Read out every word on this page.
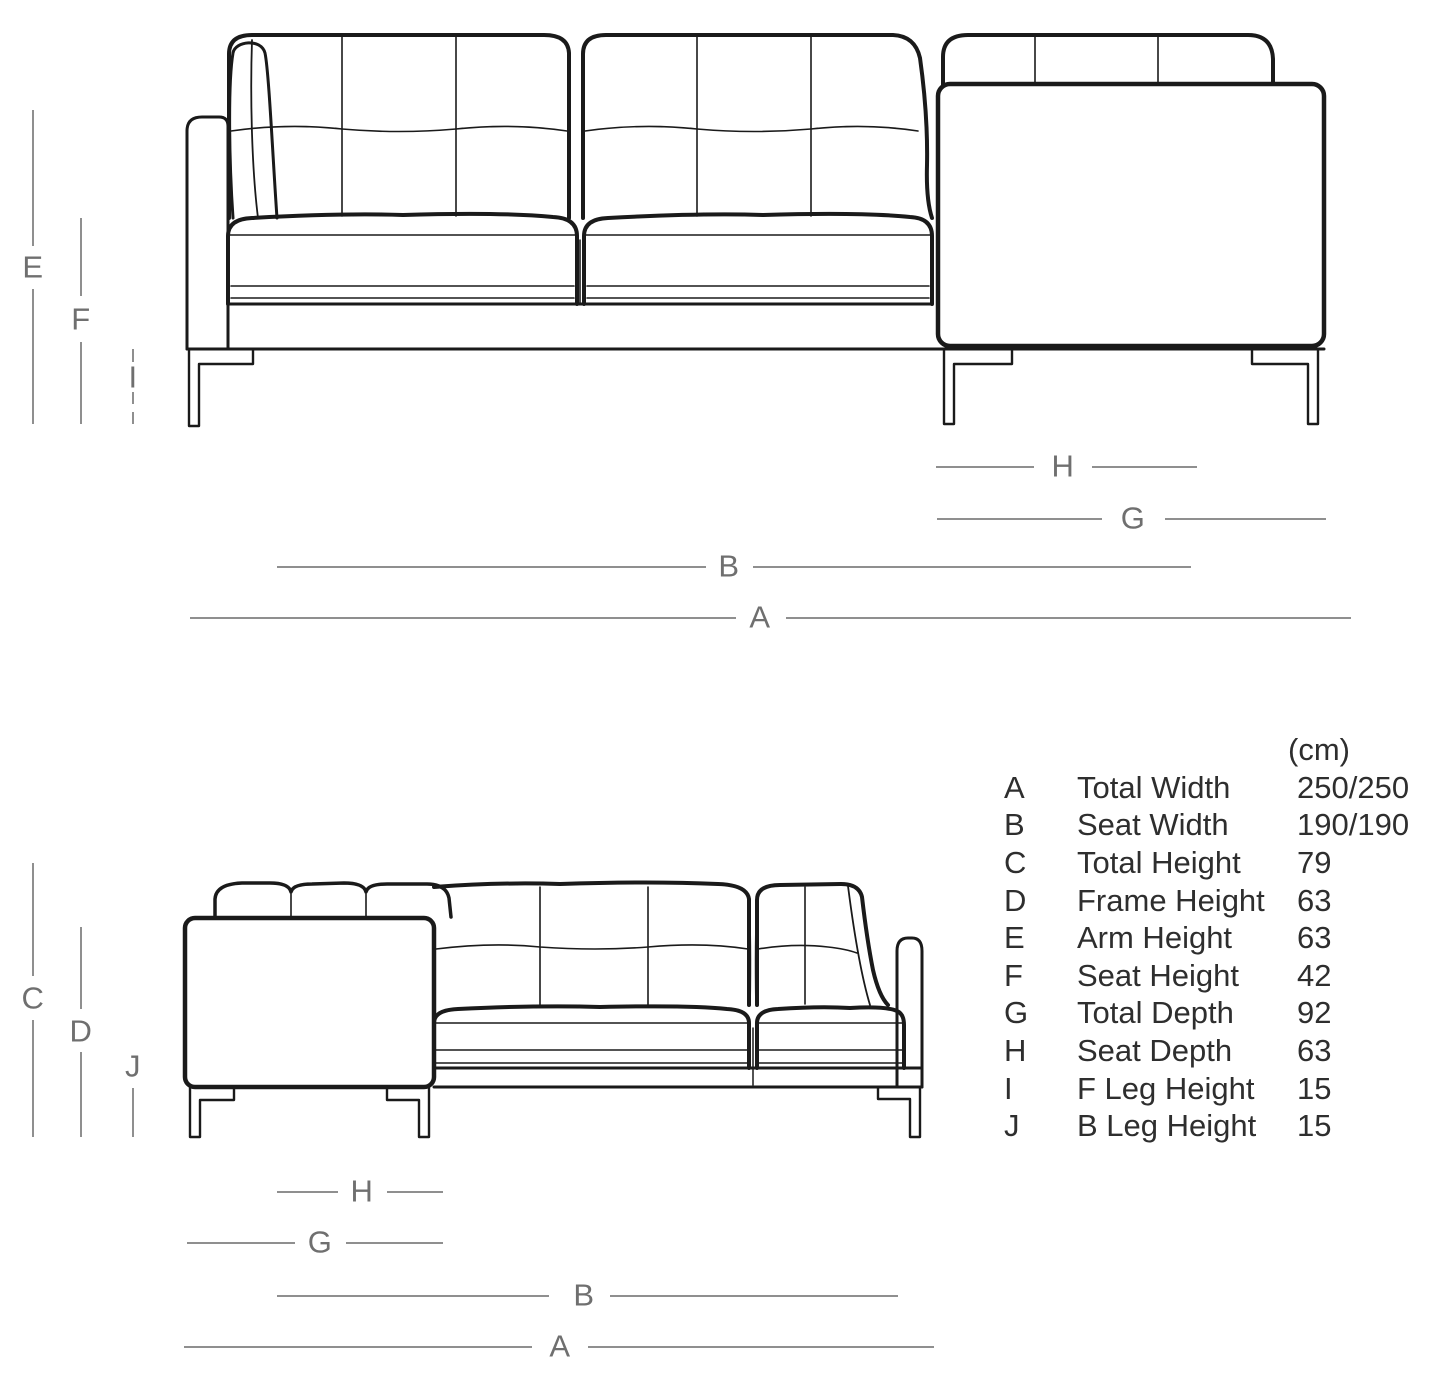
E
F
I
H
G
B
A
C
D
J
H
G
B
A
(cm)
A	Total Width	250/250
B	Seat Width	190/190
C	Total Height	79
D	Frame Height	63
E	Arm Height	63
F	Seat Height	42
G	Total Depth	92
H	Seat Depth	63
I	F Leg Height	15
J	B Leg Height	15
